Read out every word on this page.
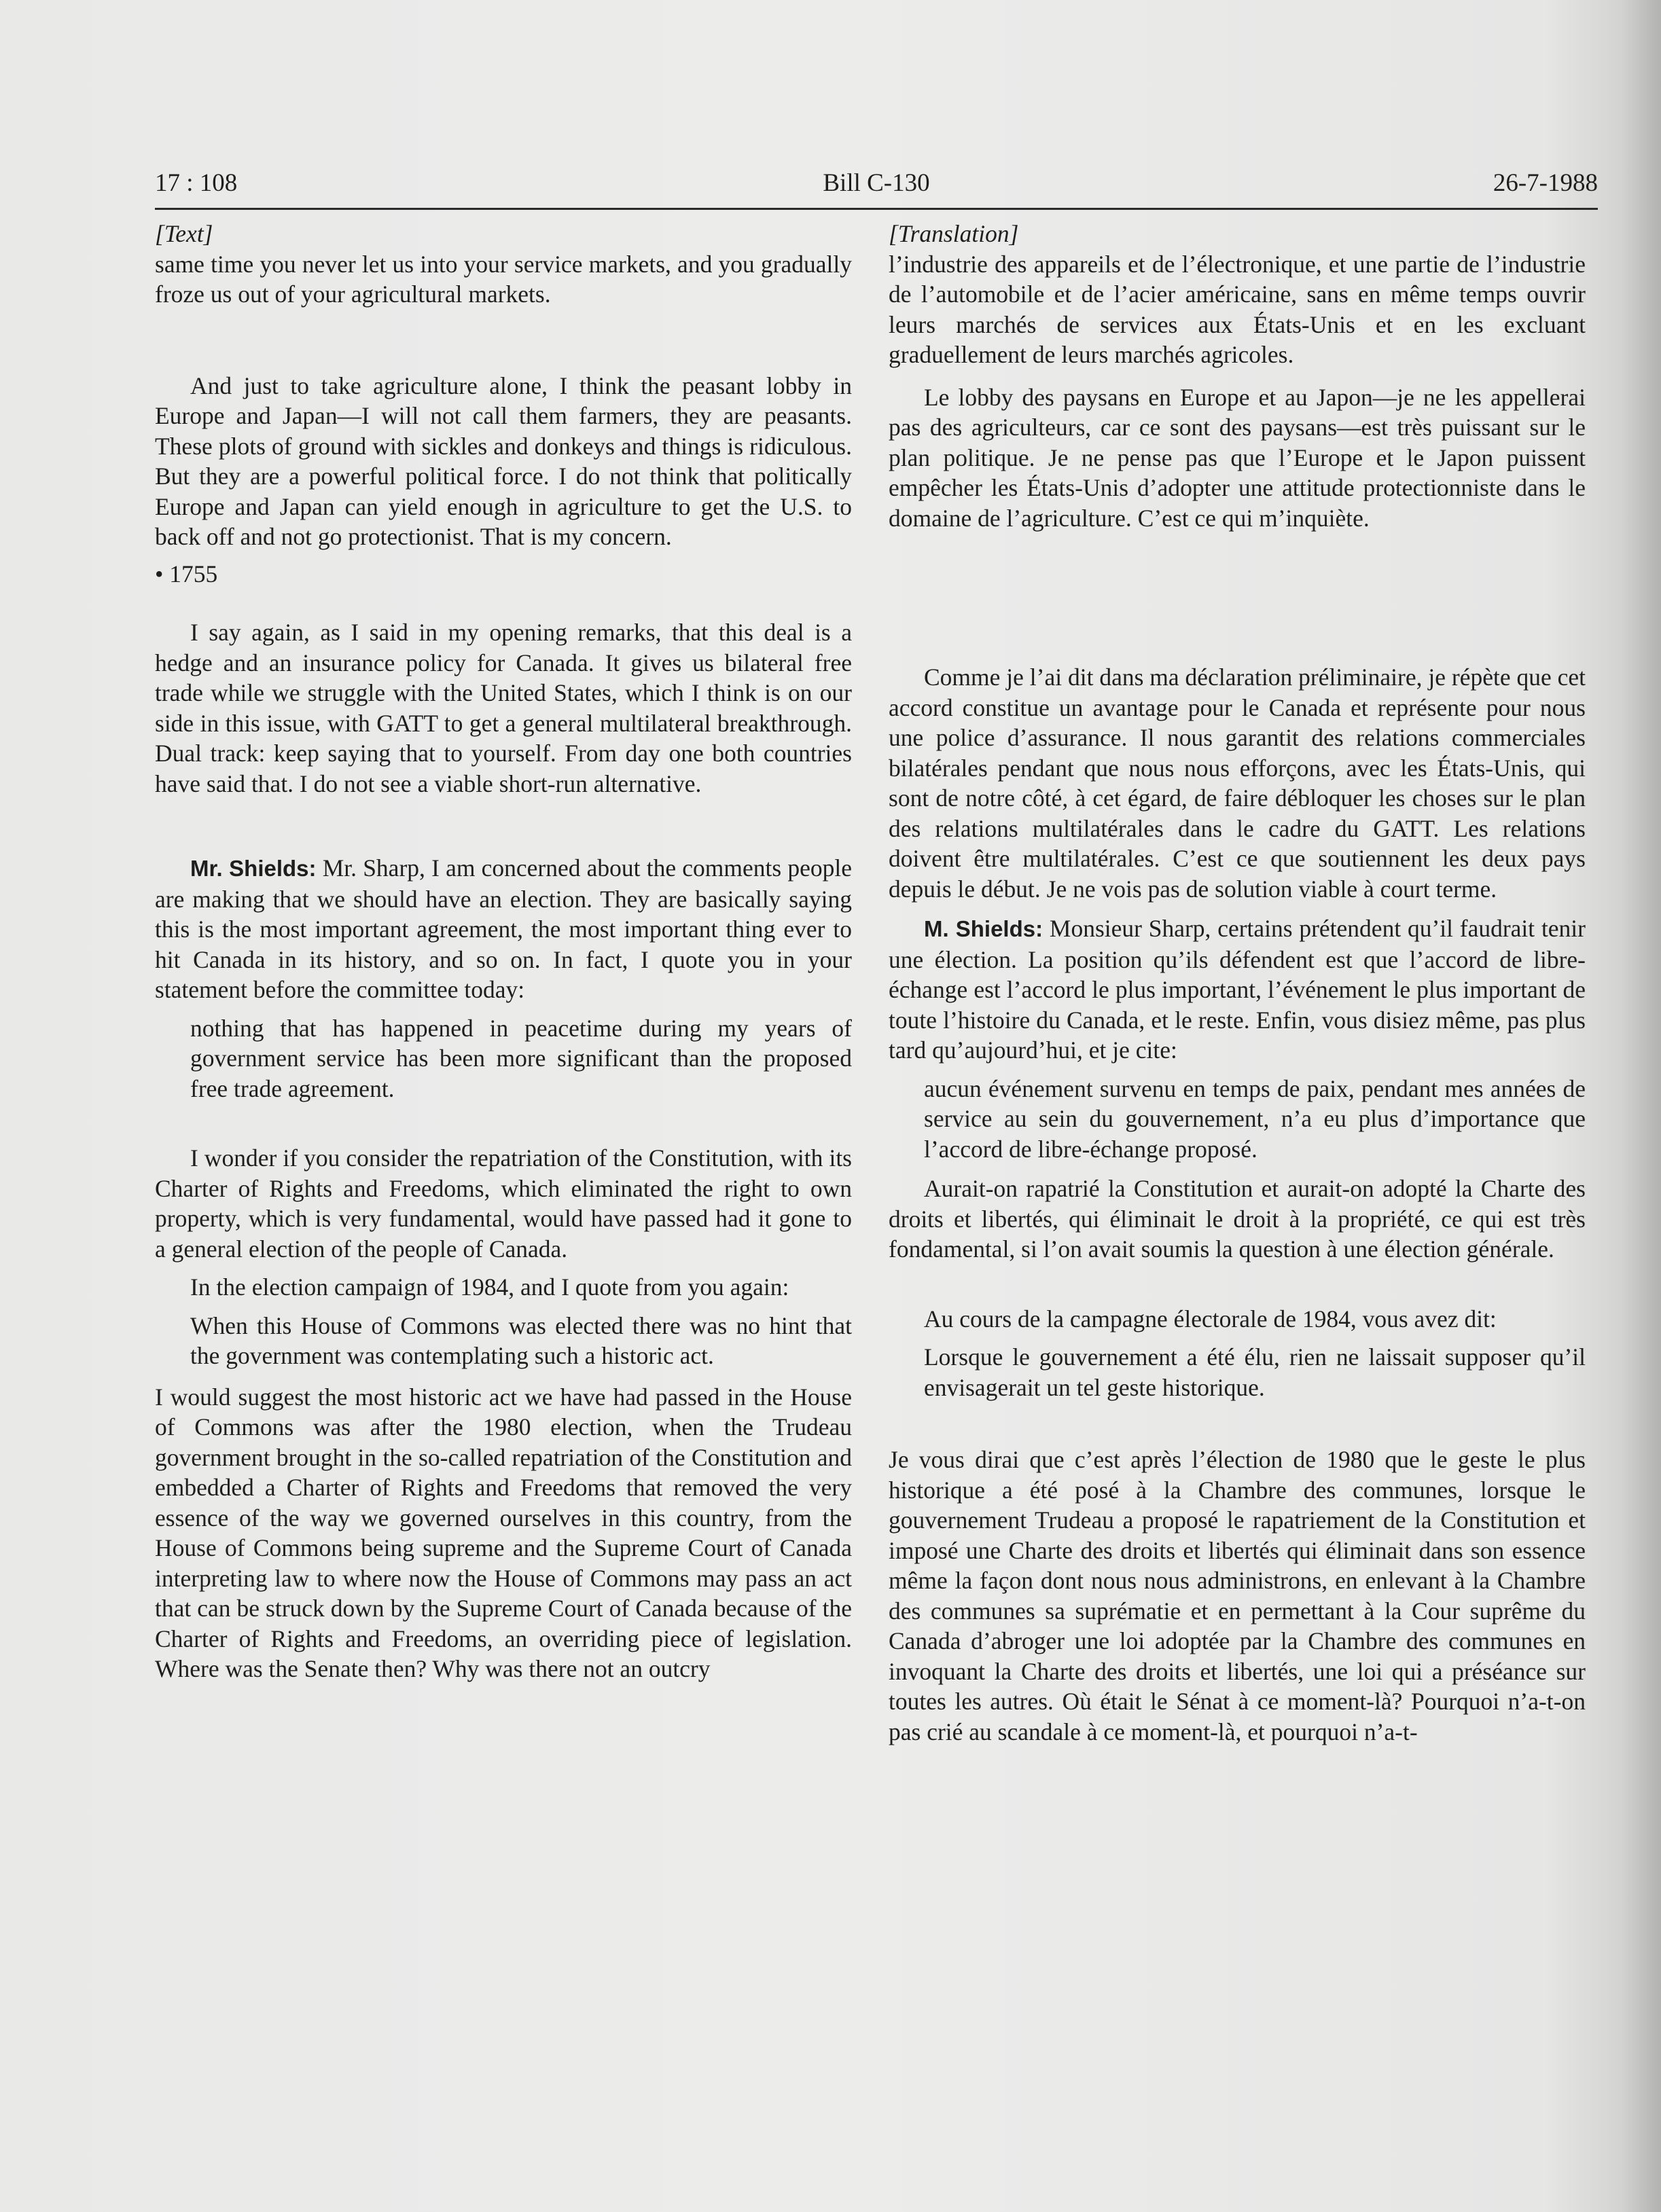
17 : 108	Bill C-130	26-7-1988

[Text]

same time you never let us into your service markets, and you gradually froze us out of your agricultural markets.

And just to take agriculture alone, I think the peasant lobby in Europe and Japan—I will not call them farmers, they are peasants. These plots of ground with sickles and donkeys and things is ridiculous. But they are a powerful political force. I do not think that politically Europe and Japan can yield enough in agriculture to get the U.S. to back off and not go protectionist. That is my concern.

• 1755

I say again, as I said in my opening remarks, that this deal is a hedge and an insurance policy for Canada. It gives us bilateral free trade while we struggle with the United States, which I think is on our side in this issue, with GATT to get a general multilateral breakthrough. Dual track: keep saying that to yourself. From day one both countries have said that. I do not see a viable short-run alternative.

Mr. Shields: Mr. Sharp, I am concerned about the comments people are making that we should have an election. They are basically saying this is the most important agreement, the most important thing ever to hit Canada in its history, and so on. In fact, I quote you in your statement before the committee today:

nothing that has happened in peacetime during my years of government service has been more significant than the proposed free trade agreement.

I wonder if you consider the repatriation of the Constitution, with its Charter of Rights and Freedoms, which eliminated the right to own property, which is very fundamental, would have passed had it gone to a general election of the people of Canada.

In the election campaign of 1984, and I quote from you again:

When this House of Commons was elected there was no hint that the government was contemplating such a historic act.

I would suggest the most historic act we have had passed in the House of Commons was after the 1980 election, when the Trudeau government brought in the so-called repatriation of the Constitution and embedded a Charter of Rights and Freedoms that removed the very essence of the way we governed ourselves in this country, from the House of Commons being supreme and the Supreme Court of Canada interpreting law to where now the House of Commons may pass an act that can be struck down by the Supreme Court of Canada because of the Charter of Rights and Freedoms, an overriding piece of legislation. Where was the Senate then? Why was there not an outcry

[Translation]

l’industrie des appareils et de l’électronique, et une partie de l’industrie de l’automobile et de l’acier américaine, sans en même temps ouvrir leurs marchés de services aux États-Unis et en les excluant graduellement de leurs marchés agricoles.

Le lobby des paysans en Europe et au Japon—je ne les appellerai pas des agriculteurs, car ce sont des paysans—est très puissant sur le plan politique. Je ne pense pas que l’Europe et le Japon puissent empêcher les États-Unis d’adopter une attitude protectionniste dans le domaine de l’agriculture. C’est ce qui m’inquiète.

Comme je l’ai dit dans ma déclaration préliminaire, je répète que cet accord constitue un avantage pour le Canada et représente pour nous une police d’assurance. Il nous garantit des relations commerciales bilatérales pendant que nous nous efforçons, avec les États-Unis, qui sont de notre côté, à cet égard, de faire débloquer les choses sur le plan des relations multilatérales dans le cadre du GATT. Les relations doivent être multilatérales. C’est ce que soutiennent les deux pays depuis le début. Je ne vois pas de solution viable à court terme.

M. Shields: Monsieur Sharp, certains prétendent qu’il faudrait tenir une élection. La position qu’ils défendent est que l’accord de libre-échange est l’accord le plus important, l’événement le plus important de toute l’histoire du Canada, et le reste. Enfin, vous disiez même, pas plus tard qu’aujourd’hui, et je cite:

aucun événement survenu en temps de paix, pendant mes années de service au sein du gouvernement, n’a eu plus d’importance que l’accord de libre-échange proposé.

Aurait-on rapatrié la Constitution et aurait-on adopté la Charte des droits et libertés, qui éliminait le droit à la propriété, ce qui est très fondamental, si l’on avait soumis la question à une élection générale.

Au cours de la campagne électorale de 1984, vous avez dit:

Lorsque le gouvernement a été élu, rien ne laissait supposer qu’il envisagerait un tel geste historique.

Je vous dirai que c’est après l’élection de 1980 que le geste le plus historique a été posé à la Chambre des communes, lorsque le gouvernement Trudeau a proposé le rapatriement de la Constitution et imposé une Charte des droits et libertés qui éliminait dans son essence même la façon dont nous nous administrons, en enlevant à la Chambre des communes sa suprématie et en permettant à la Cour suprême du Canada d’abroger une loi adoptée par la Chambre des communes en invoquant la Charte des droits et libertés, une loi qui a préséance sur toutes les autres. Où était le Sénat à ce moment-là? Pourquoi n’a-t-on pas crié au scandale à ce moment-là, et pourquoi n’a-t-
